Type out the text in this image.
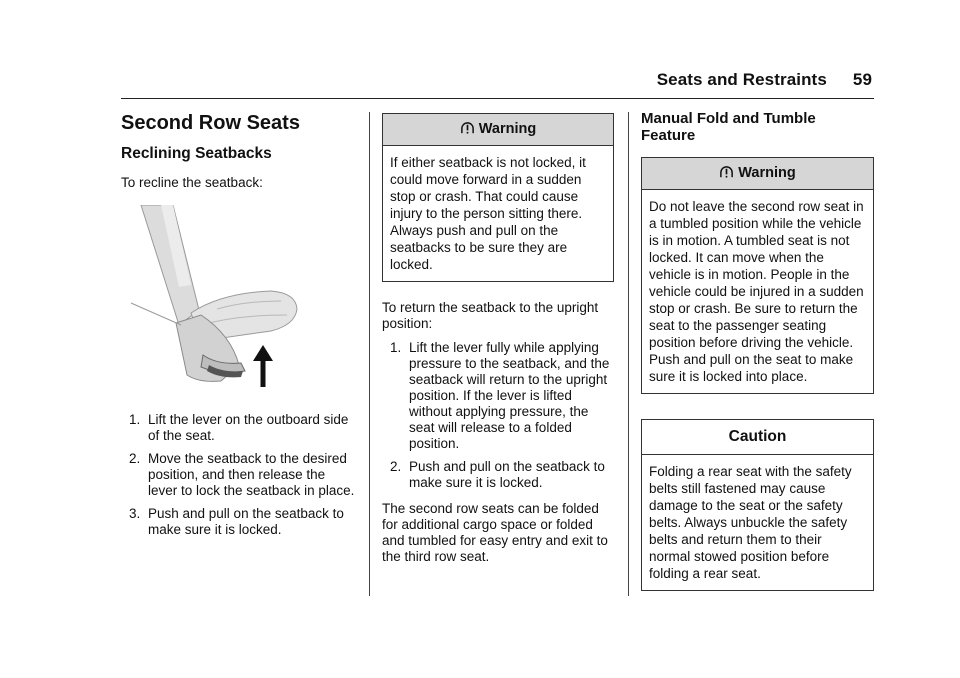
Seats and Restraints 59
Second Row Seats
Reclining Seatbacks

To recline the seatback:

1. Lift the lever on the outboard side of the seat.
2. Move the seatback to the desired position, and then release the lever to lock the seatback in place.
3. Push and pull on the seatback to make sure it is locked.
Warning
If either seatback is not locked, it could move forward in a sudden stop or crash. That could cause injury to the person sitting there. Always push and pull on the seatbacks to be sure they are locked.

To return the seatback to the upright position:

1. Lift the lever fully while applying pressure to the seatback, and the seatback will return to the upright position. If the lever is lifted without applying pressure, the seat will release to a folded position.
2. Push and pull on the seatback to make sure it is locked.

The second row seats can be folded for additional cargo space or folded and tumbled for easy entry and exit to the third row seat.

Manual Fold and Tumble Feature
Warning
Do not leave the second row seat in a tumbled position while the vehicle is in motion. A tumbled seat is not locked. It can move when the vehicle is in motion. People in the vehicle could be injured in a sudden stop or crash. Be sure to return the seat to the passenger seating position before driving the vehicle. Push and pull on the seat to make sure it is locked into place.
Caution
Folding a rear seat with the safety belts still fastened may cause damage to the seat or the safety belts. Always unbuckle the safety belts and return them to their normal stowed position before folding a rear seat.
